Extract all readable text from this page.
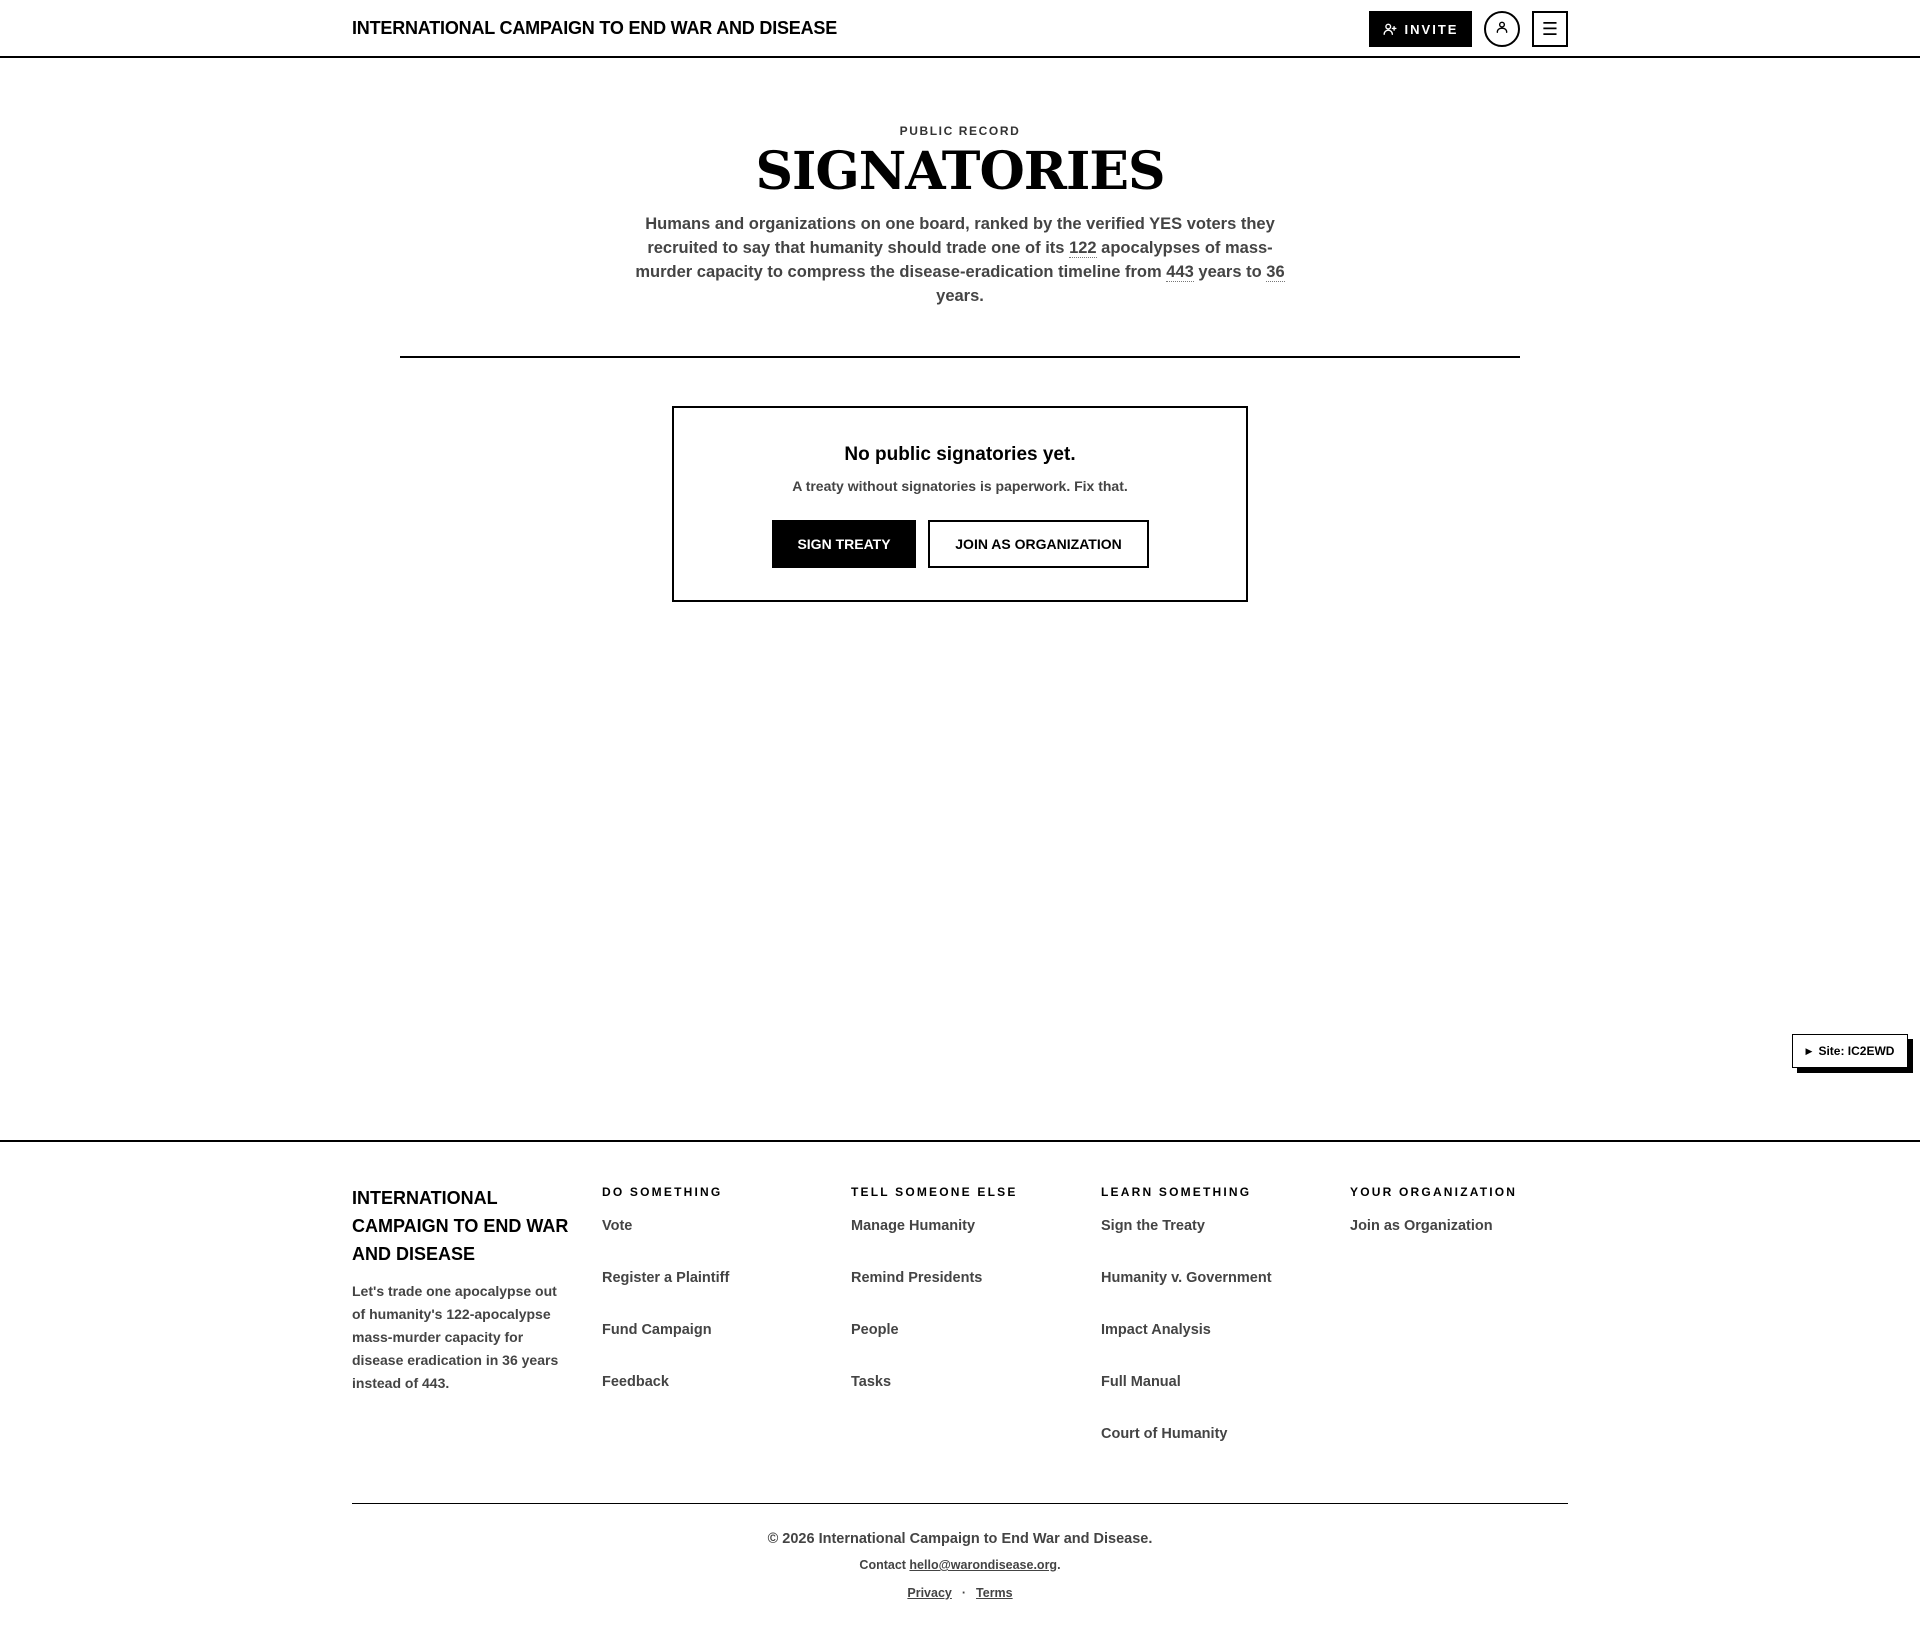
INTERNATIONAL CAMPAIGN TO END WAR AND DISEASE	INVITE	☰
PUBLIC RECORD
SIGNATORIES

Humans and organizations on one board, ranked by the verified YES voters they recruited to say that humanity should trade one of its 122 apocalypses of mass-murder capacity to compress the disease-eradication timeline from 443 years to 36 years.

No public signatories yet.

A treaty without signatories is paperwork. Fix that.

SIGN TREATY	JOIN AS ORGANIZATION
▶ Site: IC2EWD

INTERNATIONAL CAMPAIGN TO END WAR AND DISEASE

Let's trade one apocalypse out of humanity's 122-apocalypse mass-murder capacity for disease eradication in 36 years instead of 443.

DO SOMETHING
Vote
Register a Plaintiff
Fund Campaign
Feedback
TELL SOMEONE ELSE
Manage Humanity
Remind Presidents
People
Tasks
LEARN SOMETHING
Sign the Treaty
Humanity v. Government
Impact Analysis
Full Manual
Court of Humanity
YOUR ORGANIZATION
Join as Organization

© 2026 International Campaign to End War and Disease.

Contact hello@warondisease.org.

Privacy · Terms
